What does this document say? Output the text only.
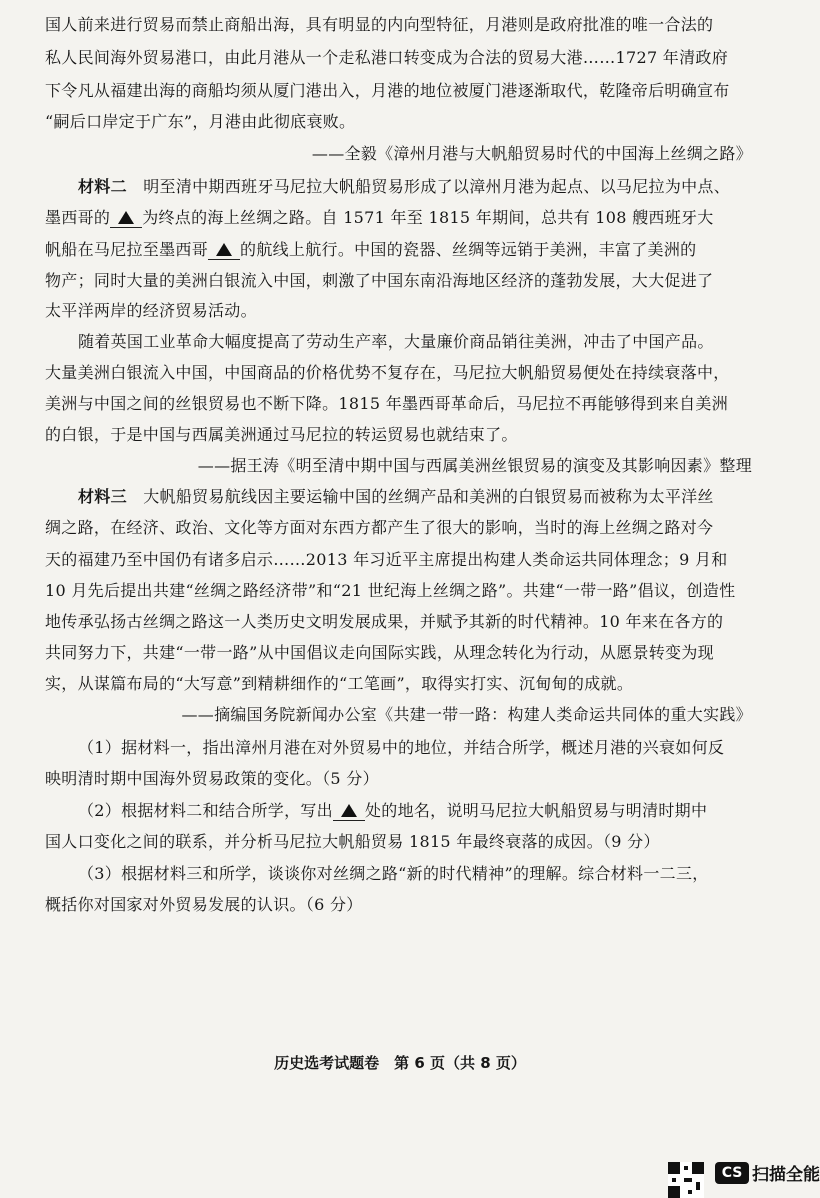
国人前来进行贸易而禁止商船出海，具有明显的内向型特征，月港则是政府批准的唯一合法的
私人民间海外贸易港口，由此月港从一个走私港口转变成为合法的贸易大港……1727 年清政府
下令凡从福建出海的商船均须从厦门港出入，月港的地位被厦门港逐渐取代，乾隆帝后明确宣布
“嗣后口岸定于广东”，月港由此彻底衰败。
——全毅《漳州月港与大帆船贸易时代的中国海上丝绸之路》
材料二　 明至清中期西班牙马尼拉大帆船贸易形成了以漳州月港为起点、以马尼拉为中点、
墨西哥的 为终点的海上丝绸之路。自 1571 年至 1815 年期间，总共有 108 艘西班牙大
帆船在马尼拉至墨西哥 的航线上航行。中国的瓷器、丝绸等远销于美洲，丰富了美洲的
物产；同时大量的美洲白银流入中国，刺激了中国东南沿海地区经济的蓬勃发展，大大促进了
太平洋两岸的经济贸易活动。
随着英国工业革命大幅度提高了劳动生产率，大量廉价商品销往美洲，冲击了中国产品。
大量美洲白银流入中国，中国商品的价格优势不复存在，马尼拉大帆船贸易便处在持续衰落中，
美洲与中国之间的丝银贸易也不断下降。1815 年墨西哥革命后，马尼拉不再能够得到来自美洲
的白银，于是中国与西属美洲通过马尼拉的转运贸易也就结束了。
——据王涛《明至清中期中国与西属美洲丝银贸易的演变及其影响因素》整理
材料三　 大帆船贸易航线因主要运输中国的丝绸产品和美洲的白银贸易而被称为太平洋丝
绸之路，在经济、政治、文化等方面对东西方都产生了很大的影响，当时的海上丝绸之路对今
天的福建乃至中国仍有诸多启示……2013 年习近平主席提出构建人类命运共同体理念；9 月和
10 月先后提出共建“丝绸之路经济带”和“21 世纪海上丝绸之路”。共建“一带一路”倡议，创造性
地传承弘扬古丝绸之路这一人类历史文明发展成果，并赋予其新的时代精神。10 年来在各方的
共同努力下，共建“一带一路”从中国倡议走向国际实践，从理念转化为行动，从愿景转变为现
实，从谋篇布局的“大写意”到精耕细作的“工笔画”，取得实打实、沉甸甸的成就。
——摘编国务院新闻办公室《共建一带一路：构建人类命运共同体的重大实践》
（1）据材料一，指出漳州月港在对外贸易中的地位，并结合所学，概述月港的兴衰如何反
映明清时期中国海外贸易政策的变化。（5 分）
（2）根据材料二和结合所学，写出 处的地名，说明马尼拉大帆船贸易与明清时期中
国人口变化之间的联系，并分析马尼拉大帆船贸易 1815 年最终衰落的成因。（9 分）
（3）根据材料三和所学，谈谈你对丝绸之路“新的时代精神”的理解。综合材料一二三，
概括你对国家对外贸易发展的认识。（6 分）
历史选考试题卷　第 6 页（共 8 页）
CS 扫描全能
